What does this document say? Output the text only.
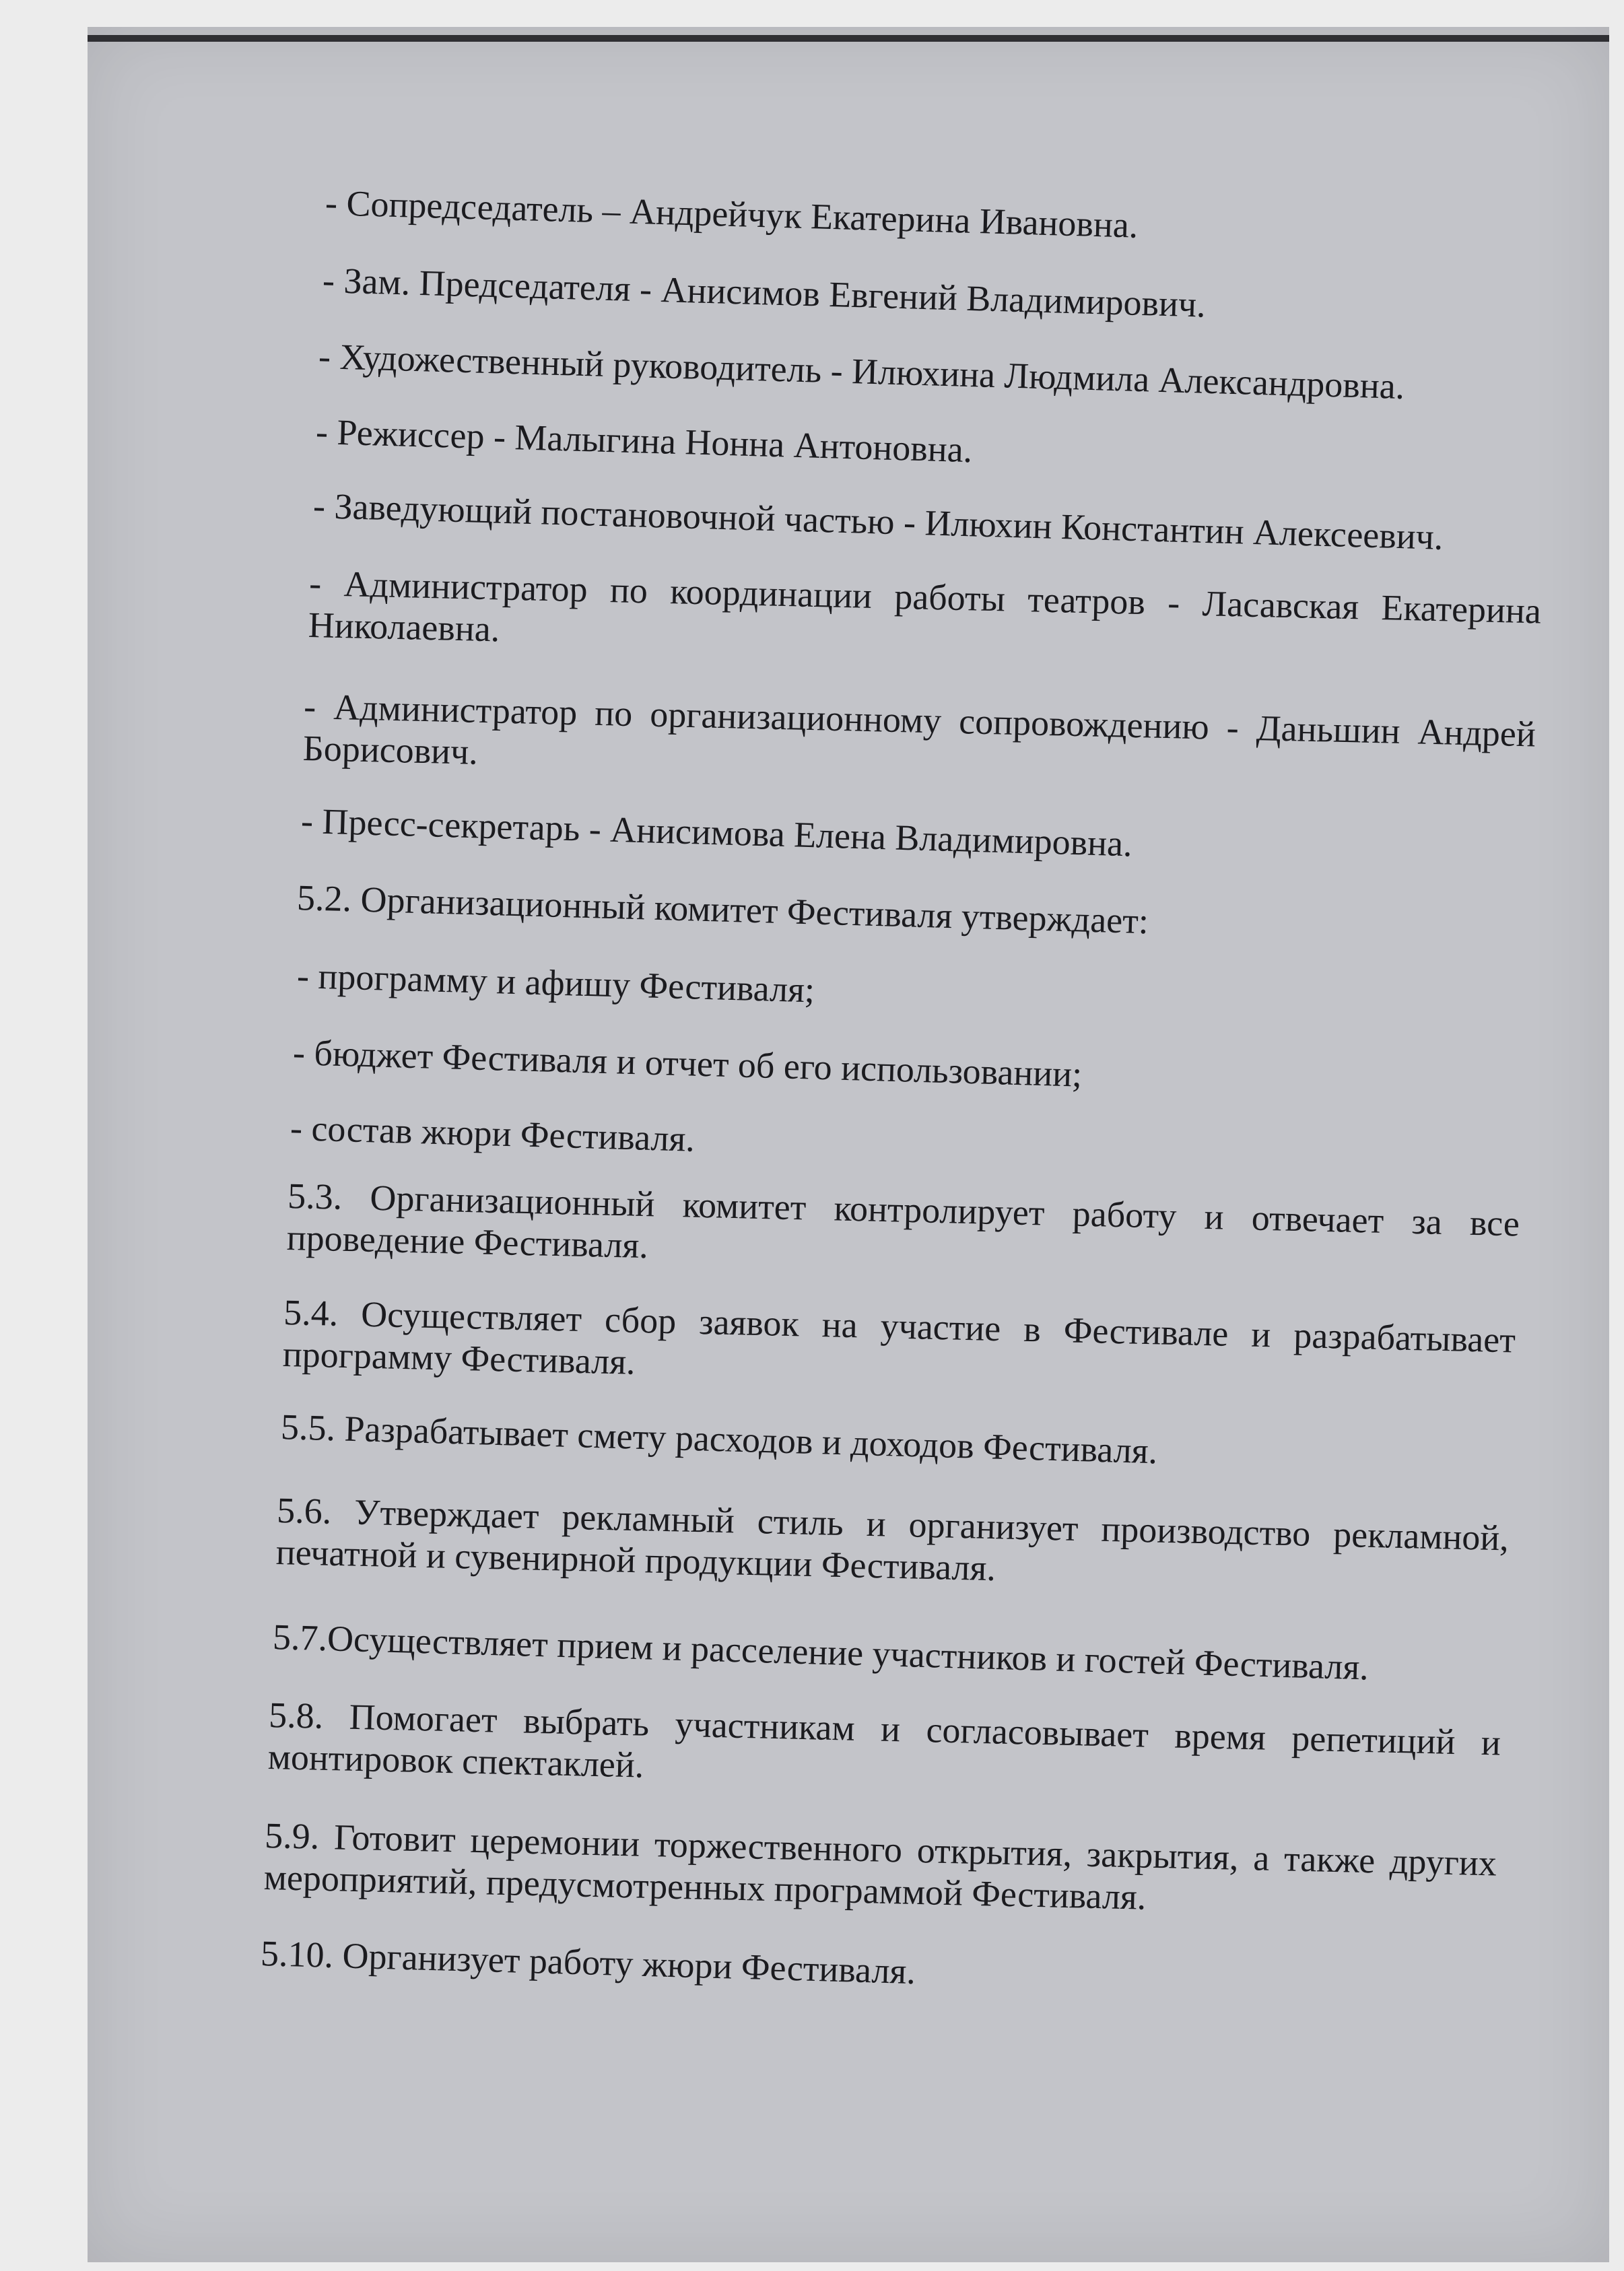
- Сопредседатель – Андрейчук Екатерина Ивановна.
- Зам. Председателя - Анисимов Евгений Владимирович.
- Художественный руководитель - Илюхина Людмила Александровна.
- Режиссер - Малыгина Нонна Антоновна.
- Заведующий постановочной частью - Илюхин Константин Алексеевич.
- Администратор по координации работы театров - Ласавская Екатерина Николаевна.
- Администратор по организационному сопровождению - Даньшин Андрей Борисович.
- Пресс-секретарь - Анисимова Елена Владимировна.
5.2. Организационный комитет Фестиваля утверждает:
- программу и афишу Фестиваля;
- бюджет Фестиваля и отчет об его использовании;
- состав жюри Фестиваля.
5.3. Организационный комитет контролирует работу и отвечает за все проведение Фестиваля.
5.4. Осуществляет сбор заявок на участие в Фестивале и разрабатывает программу Фестиваля.
5.5. Разрабатывает смету расходов и доходов Фестиваля.
5.6. Утверждает рекламный стиль и организует производство рекламной, печатной и сувенирной продукции Фестиваля.
5.7.Осуществляет прием и расселение участников и гостей Фестиваля.
5.8. Помогает выбрать участникам и согласовывает время репетиций и монтировок спектаклей.
5.9. Готовит церемонии торжественного открытия, закрытия, а также других мероприятий, предусмотренных программой Фестиваля.
5.10. Организует работу жюри Фестиваля.
